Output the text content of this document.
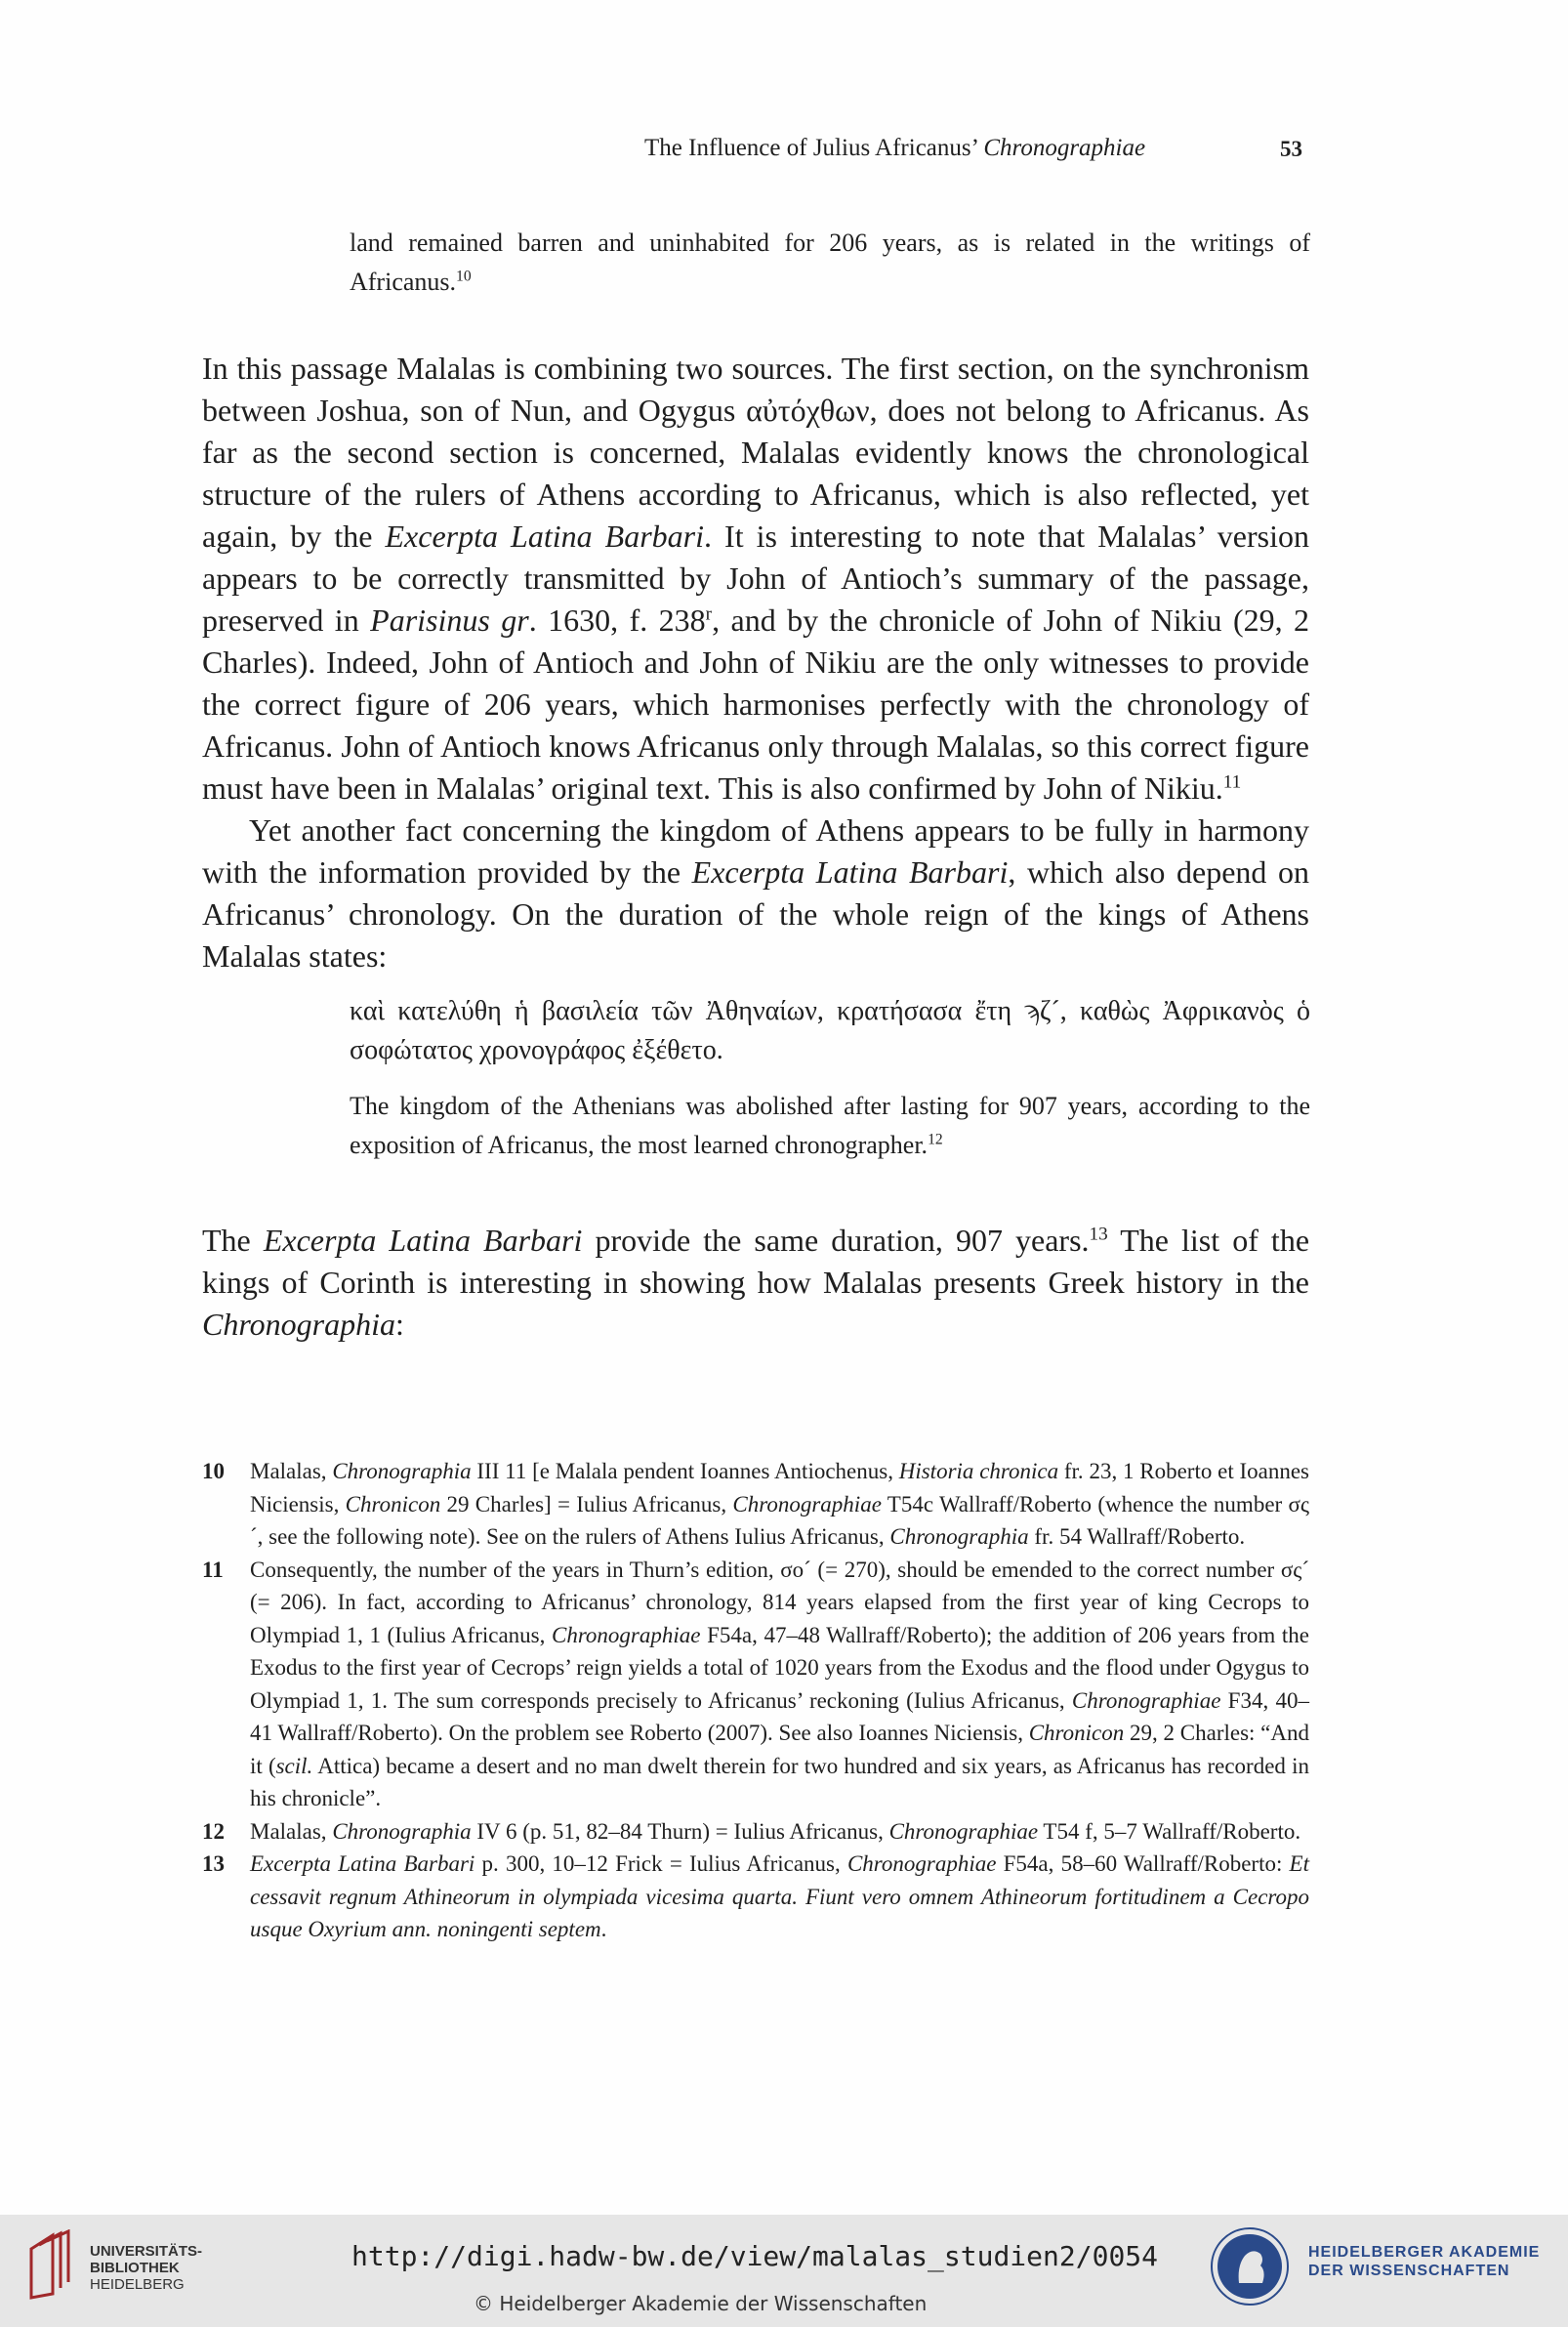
The Influence of Julius Africanus’ Chronographiae	53
land remained barren and uninhabited for 206 years, as is related in the writings of Africanus.$^{10}$

In this passage Malalas is combining two sources. The first section, on the synchronism between Joshua, son of Nun, and Ogygus αὐτόχθων, does not belong to Africanus. As far as the second section is concerned, Malalas evidently knows the chronological structure of the rulers of Athens according to Africanus, which is also reflected, yet again, by the Excerpta Latina Barbari. It is interesting to note that Malalas’ version appears to be correctly transmitted by John of Antioch’s summary of the passage, preserved in Parisinus gr. 1630, f. 238$^r$, and by the chronicle of John of Nikiu (29, 2 Charles). Indeed, John of Antioch and John of Nikiu are the only witnesses to provide the correct figure of 206 years, which harmonises perfectly with the chronology of Africanus. John of Antioch knows Africanus only through Malalas, so this correct figure must have been in Malalas’ original text. This is also confirmed by John of Nikiu.$^{11}$

Yet another fact concerning the kingdom of Athens appears to be fully in harmony with the information provided by the Excerpta Latina Barbari, which also depend on Africanus’ chronology. On the duration of the whole reign of the kings of Athens Malalas states:

καὶ κατελύθη ἡ βασιλεία τῶν Ἀθηναίων, κρατήσασα ἔτη ϡζ´, καθὼς Ἀφρικανὸς ὁ σοφώτατος χρονογράφος ἐξέθετο.
The kingdom of the Athenians was abolished after lasting for 907 years, according to the exposition of Africanus, the most learned chronographer.$^{12}$
The Excerpta Latina Barbari provide the same duration, 907 years.$^{13}$ The list of the kings of Corinth is interesting in showing how Malalas presents Greek history in the Chronographia:
10 Malalas, Chronographia III 11 [e Malala pendent Ioannes Antiochenus, Historia chronica fr. 23, 1 Roberto et Ioannes Niciensis, Chronicon 29 Charles] = Iulius Africanus, Chronographiae T54c Wallraff/Roberto (whence the number σς´, see the following note). See on the rulers of Athens Iulius Africanus, Chronographia fr. 54 Wallraff/Roberto.
11 Consequently, the number of the years in Thurn’s edition, σο´ (= 270), should be emended to the correct number σς´ (= 206). In fact, according to Africanus’ chronology, 814 years elapsed from the first year of king Cecrops to Olympiad 1, 1 (Iulius Africanus, Chronographiae F54a, 47–48 Wallraff/Roberto); the addition of 206 years from the Exodus to the first year of Cecrops’ reign yields a total of 1020 years from the Exodus and the flood under Ogygus to Olympiad 1, 1. The sum corresponds precisely to Africanus’ reckoning (Iulius Africanus, Chronographiae F34, 40–41 Wallraff/Roberto). On the problem see Roberto (2007). See also Ioannes Niciensis, Chronicon 29, 2 Charles: “And it (scil. Attica) became a desert and no man dwelt therein for two hundred and six years, as Africanus has recorded in his chronicle”.
12 Malalas, Chronographia IV 6 (p. 51, 82–84 Thurn) = Iulius Africanus, Chronographiae T54 f, 5–7 Wallraff/Roberto.
13 Excerpta Latina Barbari p. 300, 10–12 Frick = Iulius Africanus, Chronographiae F54a, 58–60 Wallraff/Roberto: Et cessavit regnum Athineorum in olympiada vicesima quarta. Fiunt vero omnem Athineorum fortitudinem a Cecropo usque Oxyrium ann. noningenti septem.
UNIVERSITÄTS-
BIBLIOTHEK
HEIDELBERG
http://digi.hadw-bw.de/view/malalas_studien2/0054
© Heidelberger Akademie der Wissenschaften
HEIDELBERGER AKADEMIE
DER WISSENSCHAFTEN
